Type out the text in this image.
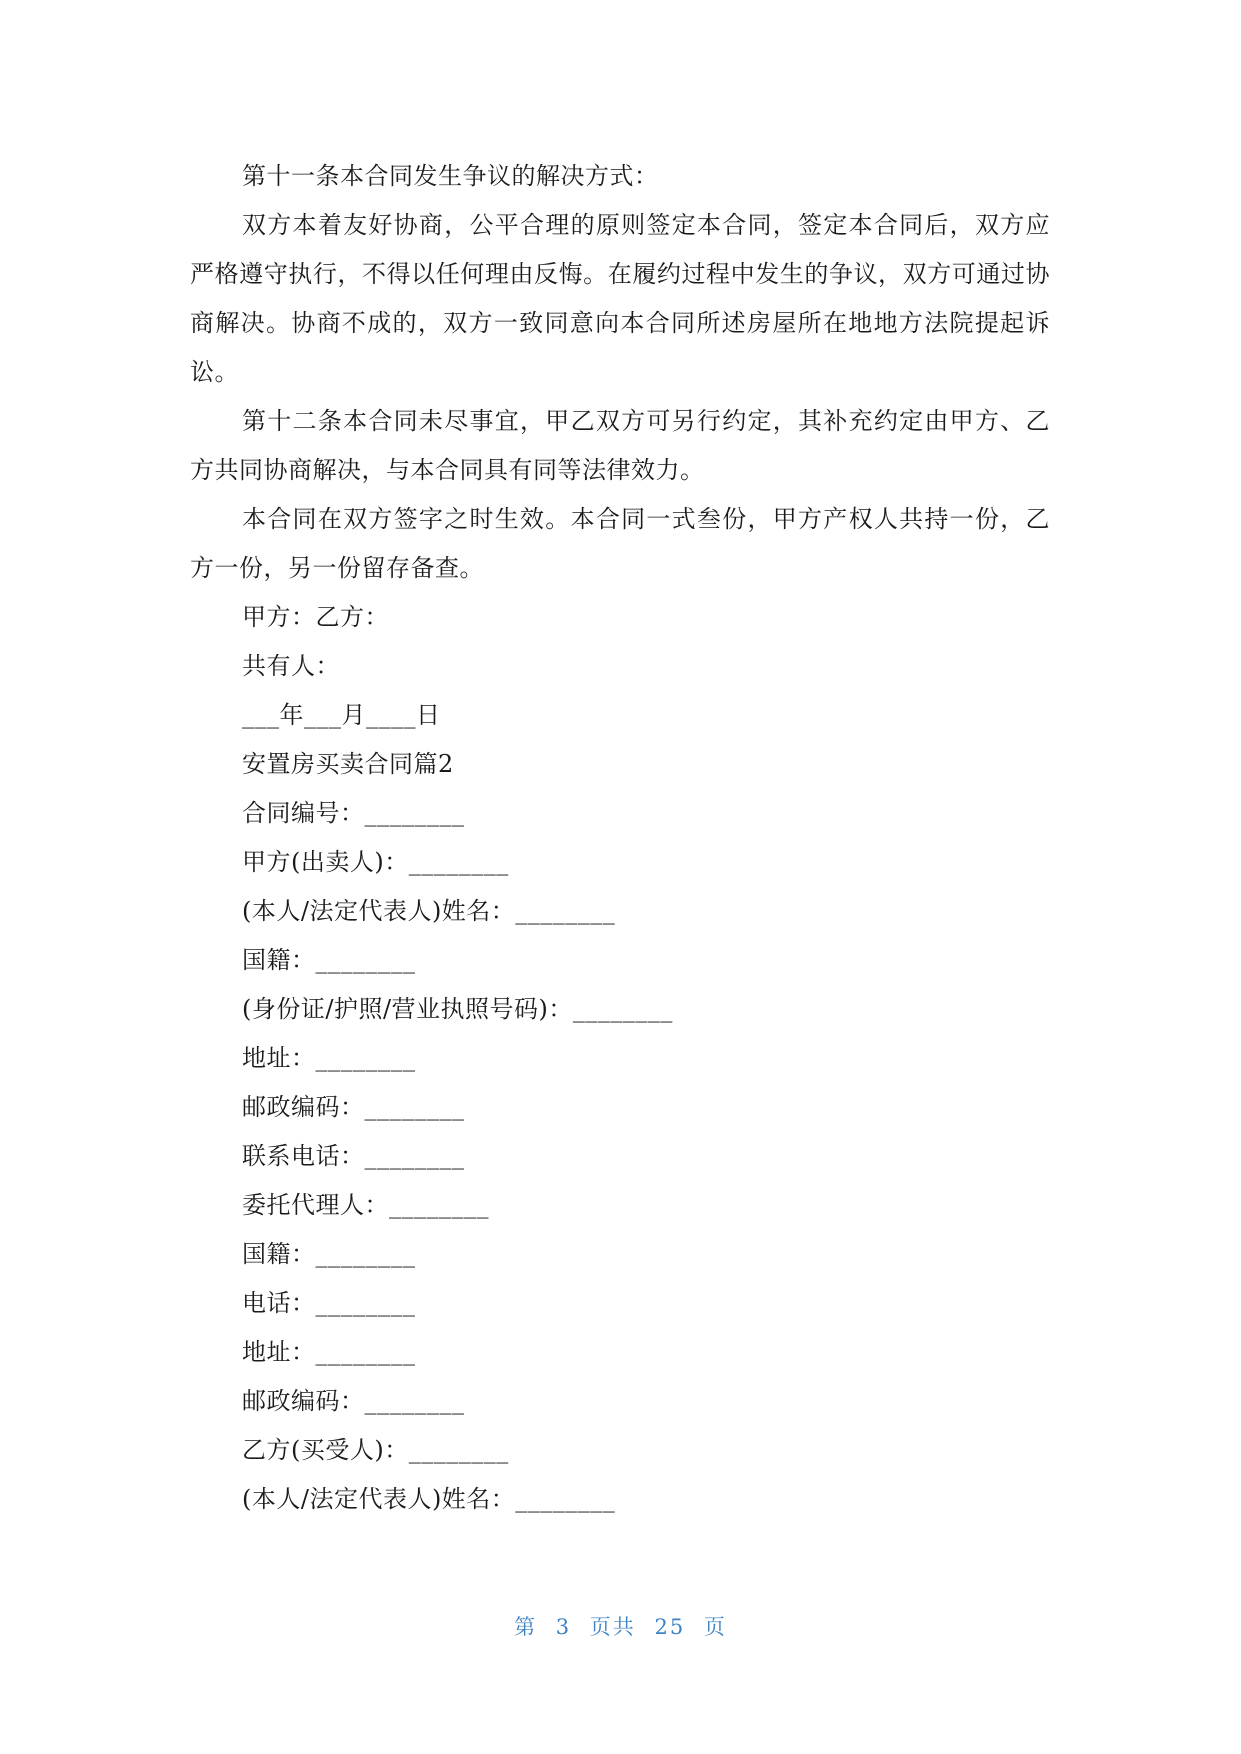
第十一条本合同发生争议的解决方式：

双方本着友好协商，公平合理的原则签定本合同，签定本合同后，双方应严格遵守执行，不得以任何理由反悔。在履约过程中发生的争议，双方可通过协商解决。协商不成的，双方一致同意向本合同所述房屋所在地地方法院提起诉讼。

第十二条本合同未尽事宜，甲乙双方可另行约定，其补充约定由甲方、乙方共同协商解决，与本合同具有同等法律效力。

本合同在双方签字之时生效。本合同一式叁份，甲方产权人共持一份，乙方一份，另一份留存备查。

甲方：乙方：

共有人：

___年___月____日

安置房买卖合同篇2

合同编号：________

甲方(出卖人)：________

(本人/法定代表人)姓名：________

国籍：________

(身份证/护照/营业执照号码)：________

地址：________

邮政编码：________

联系电话：________

委托代理人：________

国籍：________

电话：________

地址：________

邮政编码：________

乙方(买受人)：________

(本人/法定代表人)姓名：________

第 3 页共 25 页
